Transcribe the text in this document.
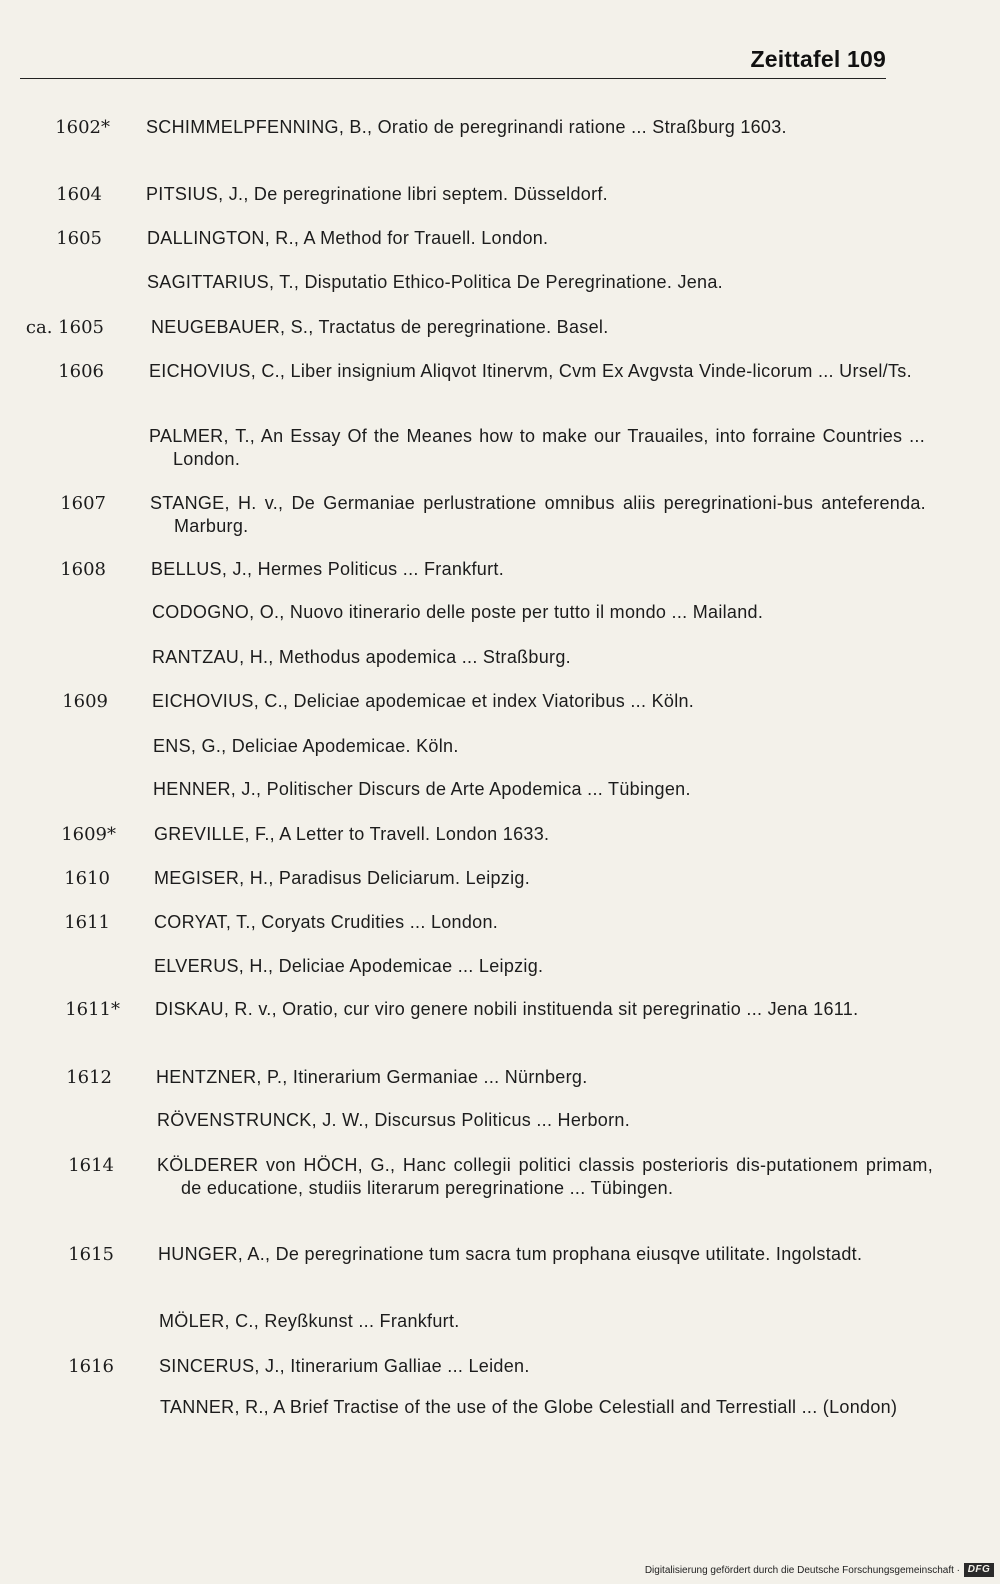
Zeittafel 109
1602* SCHIMMELPFENNING, B., Oratio de peregrinandi ratione ... Straßburg 1603.
1604 PITSIUS, J., De peregrinatione libri septem. Düsseldorf.
1605	DALLINGTON, R., A Method for Trauell. London.
SAGITTARIUS, T., Disputatio Ethico-Politica De Peregrinatione. Jena.
ca. 1605	NEUGEBAUER, S., Tractatus de peregrinatione. Basel.
1606	EICHOVIUS, C., Liber insignium Aliqvot Itinervm, Cvm Ex Avgvsta Vinde-licorum ... Ursel/Ts.
PALMER, T., An Essay Of the Meanes how to make our Trauailes, into forraine Countries ... London.
1607 STANGE, H. v., De Germaniae perlustratione omnibus aliis peregrinationi-bus anteferenda. Marburg.
1608	BELLUS, J., Hermes Politicus ... Frankfurt.
CODOGNO, O., Nuovo itinerario delle poste per tutto il mondo ... Mailand.
RANTZAU, H., Methodus apodemica ... Straßburg.
1609 EICHOVIUS, C., Deliciae apodemicae et index Viatoribus ... Köln.
ENS, G., Deliciae Apodemicae. Köln.
HENNER, J., Politischer Discurs de Arte Apodemica ... Tübingen.
1609* GREVILLE, F., A Letter to Travell. London 1633.
1610 MEGISER, H., Paradisus Deliciarum. Leipzig.
1611 CORYAT, T., Coryats Crudities ... London.
ELVERUS, H., Deliciae Apodemicae ... Leipzig.
1611* DISKAU, R. v., Oratio, cur viro genere nobili instituenda sit peregrinatio ... Jena 1611.
1612 HENTZNER, P., Itinerarium Germaniae ... Nürnberg.
RÖVENSTRUNCK, J. W., Discursus Politicus ... Herborn.
1614 KÖLDERER von HÖCH, G., Hanc collegii politici classis posterioris dis-putationem primam, de educatione, studiis literarum peregrinatione ... Tübingen.
1615 HUNGER, A., De peregrinatione tum sacra tum prophana eiusqve utilitate. Ingolstadt.
MÖLER, C., Reyßkunst ... Frankfurt.
1616	SINCERUS, J., Itinerarium Galliae ... Leiden.
TANNER, R., A Brief Tractise of the use of the Globe Celestiall and Terrestiall ... (London)
Digitalisierung gefördert durch die Deutsche Forschungsgemeinschaft · DFG
